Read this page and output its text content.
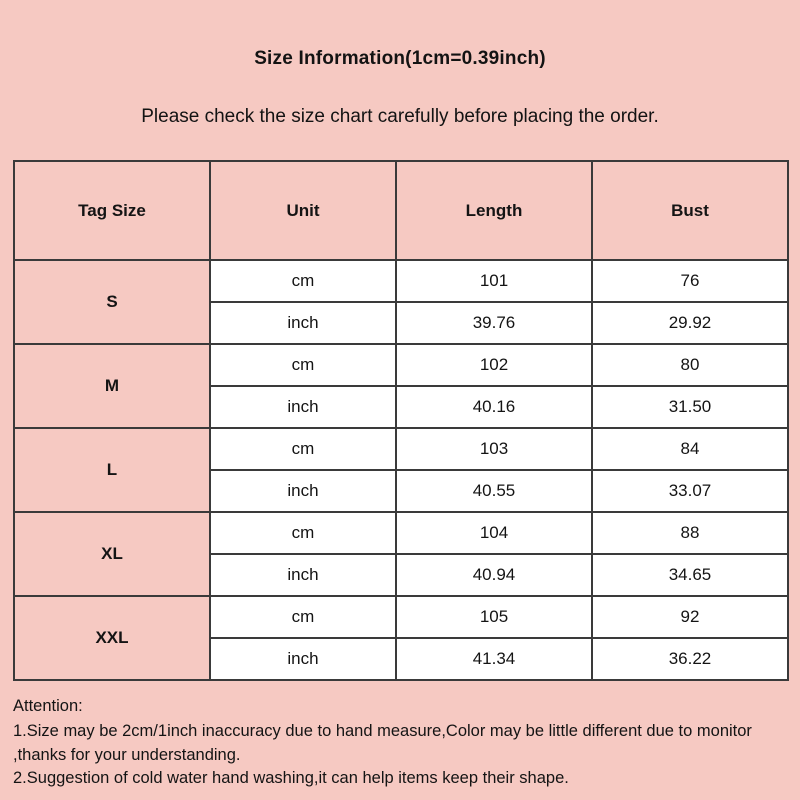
Size Information(1cm=0.39inch)
Please check the size chart carefully before placing the order.
Tag Size	Unit	Length	Bust
S	cm	101	76
	inch	39.76	29.92
M	cm	102	80
	inch	40.16	31.50
L	cm	103	84
	inch	40.55	33.07
XL	cm	104	88
	inch	40.94	34.65
XXL	cm	105	92
	inch	41.34	36.22
Attention:
1.Size may be 2cm/1inch inaccuracy due to hand measure,Color may be little different due to monitor ,thanks for your understanding.
2.Suggestion of cold water hand washing,it can help items keep their shape.
